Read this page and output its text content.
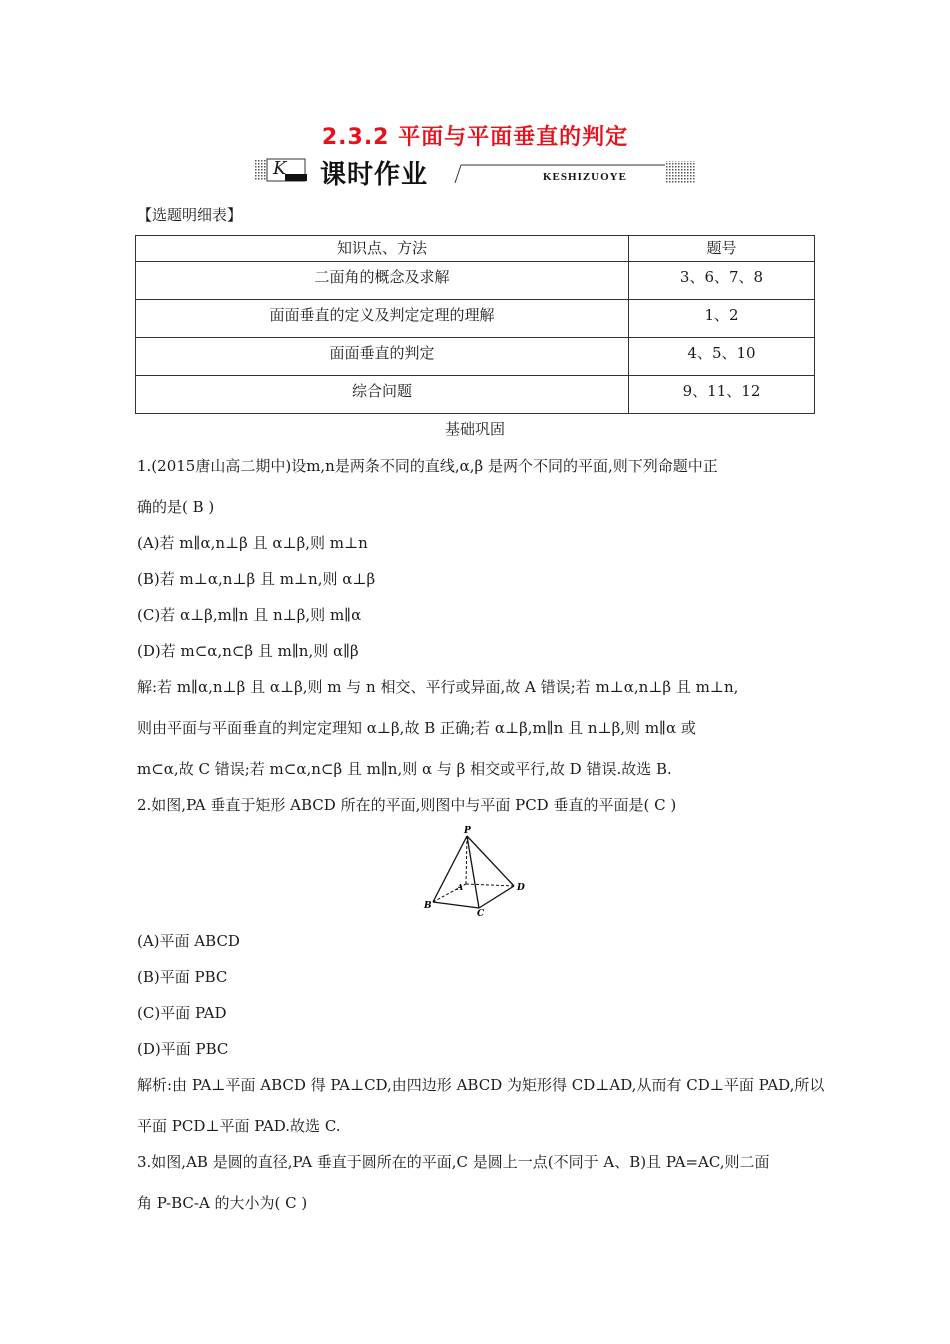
2.3.2 平面与平面垂直的判定
K 课时作业	KESHIZUOYE
【选题明细表】
知识点、方法	题号
二面角的概念及求解	3、6、7、8
面面垂直的定义及判定定理的理解	1、2
面面垂直的判定	4、5、10
综合问题	9、11、12
基础巩固
1.(2015唐山高二期中)设m,n是两条不同的直线,α,β 是两个不同的平面,则下列命题中正
确的是( B )
(A)若 m∥α,n⊥β 且 α⊥β,则 m⊥n
(B)若 m⊥α,n⊥β 且 m⊥n,则 α⊥β
(C)若 α⊥β,m∥n 且 n⊥β,则 m∥α
(D)若 m⊂α,n⊂β 且 m∥n,则 α∥β
解:若 m∥α,n⊥β 且 α⊥β,则 m 与 n 相交、平行或异面,故 A 错误;若 m⊥α,n⊥β 且 m⊥n,
则由平面与平面垂直的判定定理知 α⊥β,故 B 正确;若 α⊥β,m∥n 且 n⊥β,则 m∥α 或
m⊂α,故 C 错误;若 m⊂α,n⊂β 且 m∥n,则 α 与 β 相交或平行,故 D 错误.故选 B.
2.如图,PA 垂直于矩形 ABCD 所在的平面,则图中与平面 PCD 垂直的平面是( C )
P
A
B
C
D
(A)平面 ABCD
(B)平面 PBC
(C)平面 PAD
(D)平面 PBC
解析:由 PA⊥平面 ABCD 得 PA⊥CD,由四边形 ABCD 为矩形得 CD⊥AD,从而有 CD⊥平面 PAD,所以
平面 PCD⊥平面 PAD.故选 C.
3.如图,AB 是圆的直径,PA 垂直于圆所在的平面,C 是圆上一点(不同于 A、B)且 PA=AC,则二面
角 P-BC-A 的大小为( C )
